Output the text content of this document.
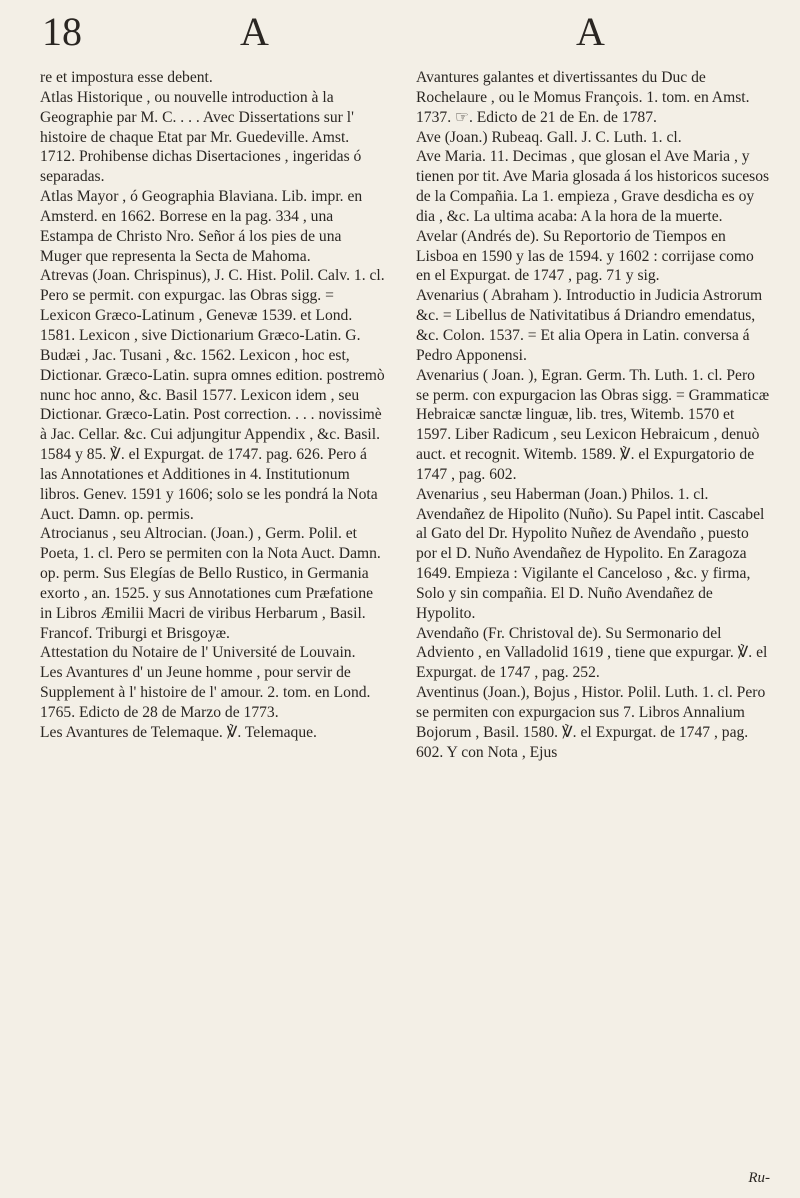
18	A	A

re et impostura esse debent.

Atlas Historique , ou nouvelle introduction à la Geographie par M. C. . . . Avec Dissertations sur l' histoire de chaque Etat par Mr. Guedeville. Amst. 1712. Prohibense dichas Disertaciones , ingeridas ó separadas.

Atlas Mayor , ó Geographia Blaviana. Lib. impr. en Amsterd. en 1662. Borrese en la pag. 334 , una Estampa de Christo Nro. Señor á los pies de una Muger que representa la Secta de Mahoma.

Atrevas (Joan. Chrispinus), J. C. Hist. Polil. Calv. 1. cl. Pero se permit. con expurgac. las Obras sigg. = Lexicon Græco-Latinum , Genevæ 1539. et Lond. 1581. Lexicon , sive Dictionarium Græco-Latin. G. Budæi , Jac. Tusani , &c. 1562. Lexicon , hoc est, Dictionar. Græco-Latin. supra omnes edition. postremò nunc hoc anno, &c. Basil 1577. Lexicon idem , seu Dictionar. Græco-Latin. Post correction. . . . novissimè à Jac. Cellar. &c. Cui adjungitur Appendix , &c. Basil. 1584 y 85. ℣. el Expurgat. de 1747. pag. 626. Pero á las Annotationes et Additiones in 4. Institutionum libros. Genev. 1591 y 1606; solo se les pondrá la Nota Auct. Damn. op. permis.

Atrocianus , seu Altrocian. (Joan.) , Germ. Polil. et Poeta, 1. cl. Pero se permiten con la Nota Auct. Damn. op. perm. Sus Elegías de Bello Rustico, in Germania exorto , an. 1525. y sus Annotationes cum Præfatione in Libros Æmilii Macri de viribus Herbarum , Basil. Francof. Triburgi et Brisgoyæ.

Attestation du Notaire de l' Université de Louvain.

Les Avantures d' un Jeune homme , pour servir de Supplement à l' histoire de l' amour. 2. tom. en Lond. 1765. Edicto de 28 de Marzo de 1773.

Les Avantures de Telemaque. ℣. Telemaque.

Avantures galantes et divertissantes du Duc de Rochelaure , ou le Momus François. 1. tom. en Amst. 1737. ☞. Edicto de 21 de En. de 1787.

Ave (Joan.) Rubeaq. Gall. J. C. Luth. 1. cl.

Ave Maria. 11. Decimas , que glosan el Ave Maria , y tienen por tit. Ave Maria glosada á los historicos sucesos de la Compañia. La 1. empieza , Grave desdicha es oy dia , &c. La ultima acaba: A la hora de la muerte.

Avelar (Andrés de). Su Reportorio de Tiempos en Lisboa en 1590 y las de 1594. y 1602 : corrijase como en el Expurgat. de 1747 , pag. 71 y sig.

Avenarius ( Abraham ). Introductio in Judicia Astrorum &c. = Libellus de Nativitatibus á Driandro emendatus, &c. Colon. 1537. = Et alia Opera in Latin. conversa á Pedro Apponensi.

Avenarius ( Joan. ), Egran. Germ. Th. Luth. 1. cl. Pero se perm. con expurgacion las Obras sigg. = Grammaticæ Hebraicæ sanctæ linguæ, lib. tres, Witemb. 1570 et 1597. Liber Radicum , seu Lexicon Hebraicum , denuò auct. et recognit. Witemb. 1589. ℣. el Expurgatorio de 1747 , pag. 602.

Avenarius , seu Haberman (Joan.) Philos. 1. cl.

Avendañez de Hipolito (Nuño). Su Papel intit. Cascabel al Gato del Dr. Hypolito Nuñez de Avendaño , puesto por el D. Nuño Avendañez de Hypolito. En Zaragoza 1649. Empieza : Vigilante el Canceloso , &c. y firma, Solo y sin compañia. El D. Nuño Avendañez de Hypolito.

Avendaño (Fr. Christoval de). Su Sermonario del Adviento , en Valladolid 1619 , tiene que expurgar. ℣. el Expurgat. de 1747 , pag. 252.

Aventinus (Joan.), Bojus , Histor. Polil. Luth. 1. cl. Pero se permiten con expurgacion sus 7. Libros Annalium Bojorum , Basil. 1580. ℣. el Expurgat. de 1747 , pag. 602. Y con Nota , Ejus

Ru-
